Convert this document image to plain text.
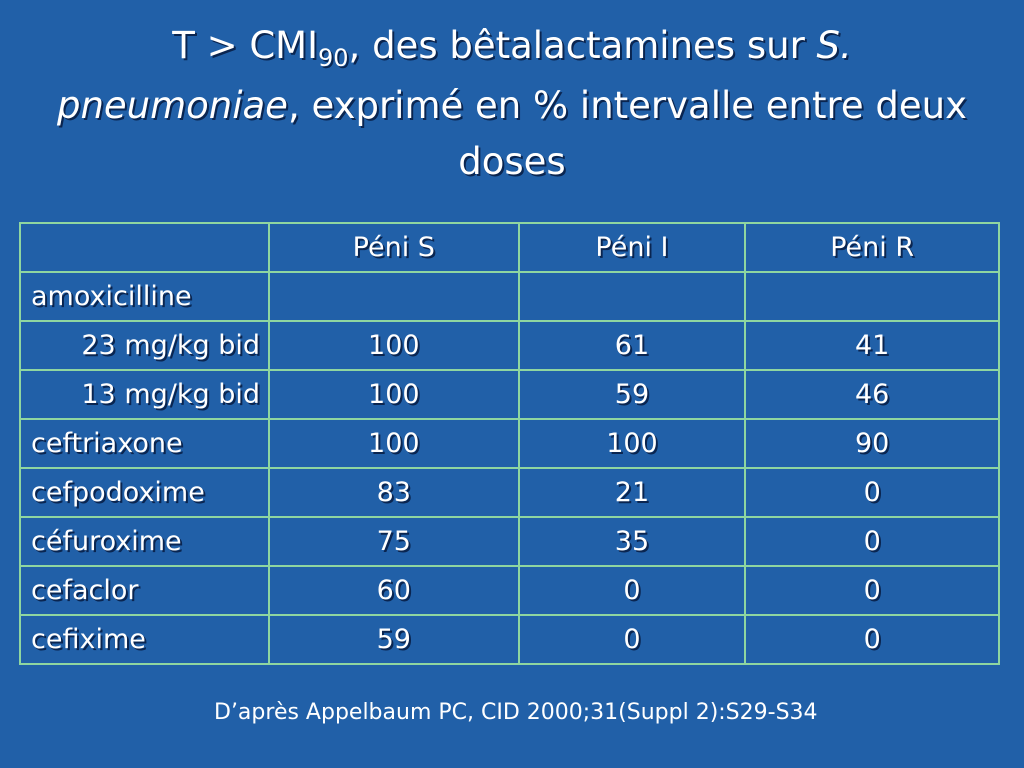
$T > CMI_{90}$, des bêtalactamines sur S.
pneumoniae, exprimé en % intervalle entre deux doses
	Péni S	Péni I	Péni R
amoxicilline			
23 mg/kg bid	100	61	41
13 mg/kg bid	100	59	46
ceftriaxone	100	100	90
cefpodoxime	83	21	0
céfuroxime	75	35	0
cefaclor	60	0	0
cefixime	59	0	0
D’après Appelbaum PC, CID 2000;31(Suppl 2):S29-S34
